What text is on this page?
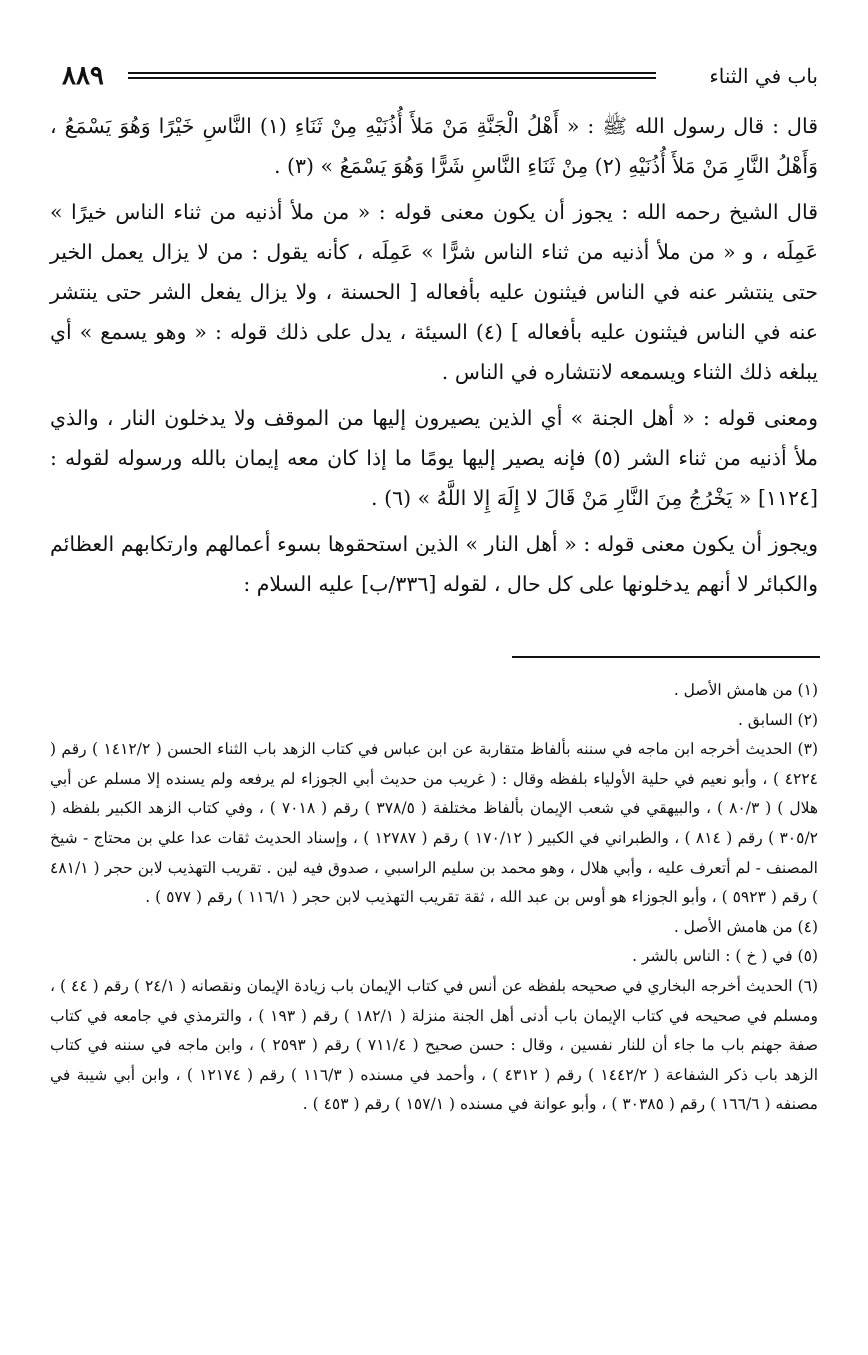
٨٨٩	باب في الثناء

قال : قال رسول الله ﷺ : « أَهْلُ الْجَنَّةِ مَنْ مَلأَ أُذُنَيْهِ مِنْ ثَنَاءِ (١) النَّاسِ خَيْرًا وَهُوَ يَسْمَعُ ، وَأَهْلُ النَّارِ مَنْ مَلأَ أُذُنَيْهِ (٢) مِنْ ثَنَاءِ النَّاسِ شَرًّا وَهُوَ يَسْمَعُ » (٣) .

قال الشيخ رحمه الله : يجوز أن يكون معنى قوله : « من ملأ أذنيه من ثناء الناس خيرًا » عَمِلَه ، و « من ملأ أذنيه من ثناء الناس شرًّا » عَمِلَه ، كأنه يقول : من لا يزال يعمل الخير حتى ينتشر عنه في الناس فيثنون عليه بأفعاله [ الحسنة ، ولا يزال يفعل الشر حتى ينتشر عنه في الناس فيثنون عليه بأفعاله ] (٤) السيئة ، يدل على ذلك قوله : « وهو يسمع » أي يبلغه ذلك الثناء ويسمعه لانتشاره في الناس .

ومعنى قوله : « أهل الجنة » أي الذين يصيرون إليها من الموقف ولا يدخلون النار ، والذي ملأ أذنيه من ثناء الشر (٥) فإنه يصير إليها يومًا ما إذا كان معه إيمان بالله ورسوله لقوله : [١١٢٤] « يَخْرُجُ مِنَ النَّارِ مَنْ قَالَ لا إِلَهَ إِلا اللَّهُ » (٦) .

ويجوز أن يكون معنى قوله : « أهل النار » الذين استحقوها بسوء أعمالهم وارتكابهم العظائم والكبائر لا أنهم يدخلونها على كل حال ، لقوله [٣٣٦/ب] عليه السلام :

(١) من هامش الأصل .

(٢) السابق .

(٣) الحديث أخرجه ابن ماجه في سننه بألفاظ متقاربة عن ابن عباس في كتاب الزهد باب الثناء الحسن ( ١٤١٢/٢ ) رقم ( ٤٢٢٤ ) ، وأبو نعيم في حلية الأولياء بلفظه وقال : ( غريب من حديث أبي الجوزاء لم يرفعه ولم يسنده إلا مسلم عن أبي هلال ) ( ٨٠/٣ ) ، والبيهقي في شعب الإيمان بألفاظ مختلفة ( ٣٧٨/٥ ) رقم ( ٧٠١٨ ) ، وفي كتاب الزهد الكبير بلفظه ( ٣٠٥/٢ ) رقم ( ٨١٤ ) ، والطبراني في الكبير ( ١٧٠/١٢ ) رقم ( ١٢٧٨٧ ) ، وإسناد الحديث ثقات عدا علي بن محتاج - شيخ المصنف - لم أتعرف عليه ، وأبي هلال ، وهو محمد بن سليم الراسبي ، صدوق فيه لين . تقريب التهذيب لابن حجر ( ٤٨١/١ ) رقم ( ٥٩٢٣ ) ، وأبو الجوزاء هو أوس بن عبد الله ، ثقة تقريب التهذيب لابن حجر ( ١١٦/١ ) رقم ( ٥٧٧ ) .

(٤) من هامش الأصل .

(٥) في ( خ ) : الناس بالشر .

(٦) الحديث أخرجه البخاري في صحيحه بلفظه عن أنس في كتاب الإيمان باب زيادة الإيمان ونقصانه ( ٢٤/١ ) رقم ( ٤٤ ) ، ومسلم في صحيحه في كتاب الإيمان باب أدنى أهل الجنة منزلة ( ١٨٢/١ ) رقم ( ١٩٣ ) ، والترمذي في جامعه في كتاب صفة جهنم باب ما جاء أن للنار نفسين ، وقال : حسن صحيح ( ٧١١/٤ ) رقم ( ٢٥٩٣ ) ، وابن ماجه في سننه في كتاب الزهد باب ذكر الشفاعة ( ١٤٤٢/٢ ) رقم ( ٤٣١٢ ) ، وأحمد في مسنده ( ١١٦/٣ ) رقم ( ١٢١٧٤ ) ، وابن أبي شيبة في مصنفه ( ١٦٦/٦ ) رقم ( ٣٠٣٨٥ ) ، وأبو عوانة في مسنده ( ١٥٧/١ ) رقم ( ٤٥٣ ) .
